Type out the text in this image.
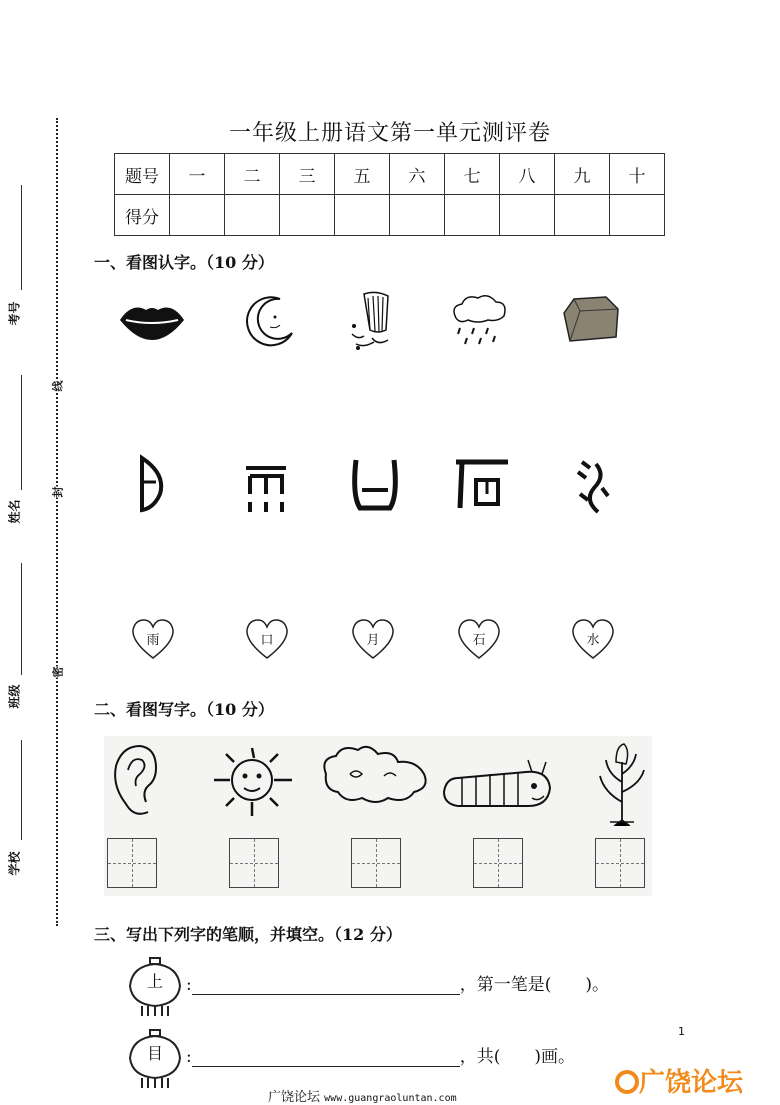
考号
姓名
班级
学校
线
封
密
一年级上册语文第一单元测评卷
题号	一	二	三	五	六	七	八	九	十
得分									
一、看图认字。（10 分）
雨	口	月	石	水
二、看图写字。（10 分）
三、写出下列字的笔顺，并填空。（12 分）
上	:	，第一笔是(　　)。
目	:	，共(　　)画。
1
广饶论坛 www.guangraoluntan.com
广饶论坛
